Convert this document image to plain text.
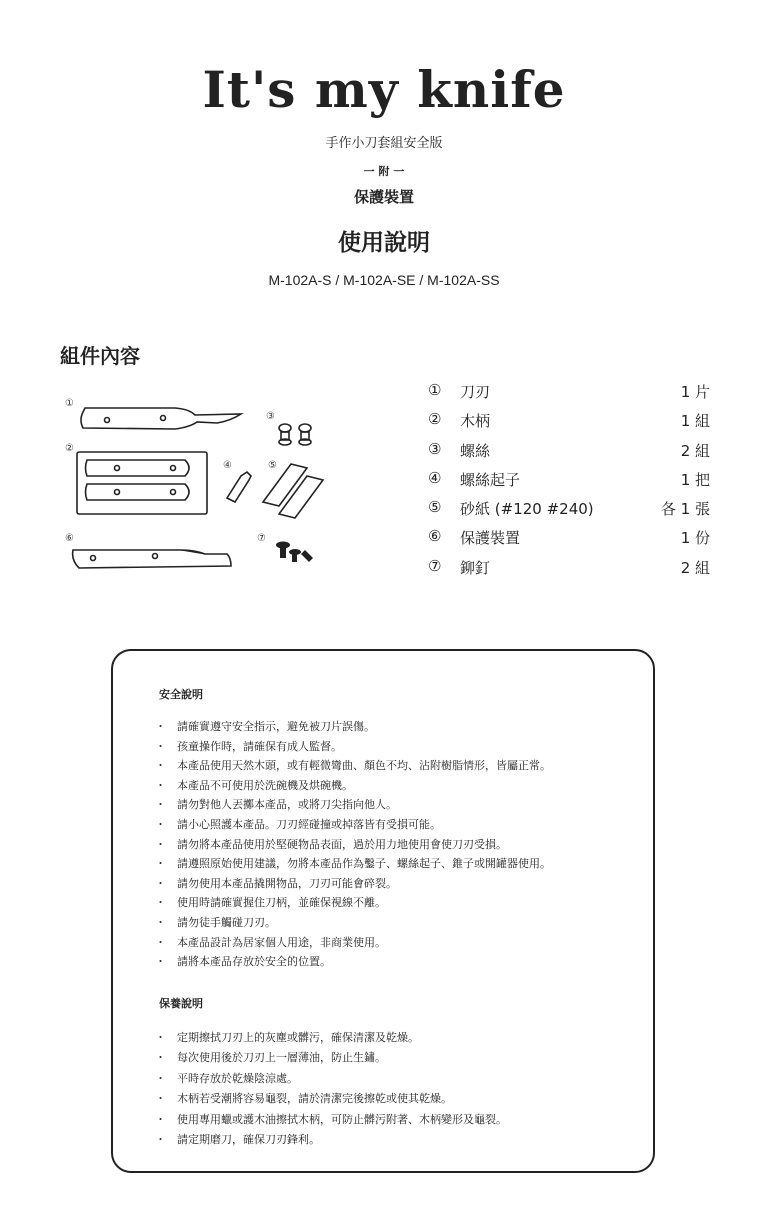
It's my knife
手作小刀套組安全版
一 附 一
保護裝置
使用說明
M-102A-S / M-102A-SE / M-102A-SS
組件內容
①
②
③
④	⑤
⑥	⑦
① 刀刃	1 片
② 木柄	1 組
③ 螺絲	2 組
④ 螺絲起子	1 把
⑤ 砂紙 (#120 #240)	各 1 張
⑥ 保護裝置	1 份
⑦ 鉚釘	2 組
安全說明
・ 請確實遵守安全指示，避免被刀片誤傷。
・ 孩童操作時，請確保有成人監督。
・ 本產品使用天然木頭，或有輕微彎曲、顏色不均、沾附樹脂情形，皆屬正常。
・ 本產品不可使用於洗碗機及烘碗機。
・ 請勿對他人丟擲本產品，或將刀尖指向他人。
・ 請小心照護本產品。刀刃經碰撞或掉落皆有受損可能。
・ 請勿將本產品使用於堅硬物品表面，過於用力地使用會使刀刃受損。
・ 請遵照原始使用建議，勿將本產品作為鑿子、螺絲起子、錐子或開罐器使用。
・ 請勿使用本產品撬開物品，刀刃可能會碎裂。
・ 使用時請確實握住刀柄，並確保視線不離。
・ 請勿徒手觸碰刀刃。
・ 本產品設計為居家個人用途，非商業使用。
・ 請將本產品存放於安全的位置。
保養說明
・ 定期擦拭刀刃上的灰塵或髒污，確保清潔及乾燥。
・ 每次使用後於刀刃上一層薄油，防止生鏽。
・ 平時存放於乾燥陰涼處。
・ 木柄若受潮將容易龜裂，請於清潔完後擦乾或使其乾燥。
・ 使用專用蠟或護木油擦拭木柄，可防止髒污附著、木柄變形及龜裂。
・ 請定期磨刀，確保刀刃鋒利。
